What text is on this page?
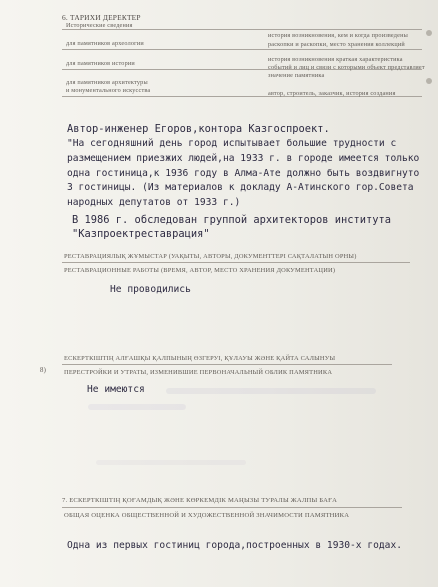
6. ТАРИХИ ДЕРЕКТЕР
Исторические сведения
для памятников археологии
для памятников истории
для памятников архитектуры
и монументального искусства
история возникновения, кем и когда произведены
раскопки и раскопки, место хранения коллекций
история возникновения краткая характеристика
событий и лиц и связи с которыми объект представляет
значение памятника
автор, строитель, заказчик, история создания
Автор-инженер Егоров,контора Казгоспроект.
"На сегодняшний день город испытывает большие трудности с
размещением приезжих людей,на 1933 г. в городе имеется только
одна гостиница,к 1936 году в Алма-Ате должно быть воздвигнуто
3 гостиницы. (Из материалов к докладу А-Атинского гор.Совета
народных депутатов от 1933 г.)
В 1986 г. обследован группой архитекторов института
"Казпроектреставрация"
РЕСТАВРАЦИЯЛЫҚ ЖҰМЫСТАР (УАҚЫТЫ, АВТОРЫ, ДОКУМЕНТТЕРІ САҚТАЛАТЫН ОРНЫ)
РЕСТАВРАЦИОННЫЕ РАБОТЫ (ВРЕМЯ, АВТОР, МЕСТО ХРАНЕНИЯ ДОКУМЕНТАЦИИ)
Не проводились
8)
ЕСКЕРТКІШТІҢ АЛҒАШҚЫ ҚАЛПЫНЫҢ ӨЗГЕРУІ, ҚҰЛАУЫ ЖӘНЕ ҚАЙТА САЛЫНУЫ
ПЕРЕСТРОЙКИ И УТРАТЫ, ИЗМЕНИВШИЕ ПЕРВОНАЧАЛЬНЫЙ ОБЛИК ПАМЯТНИКА
Не имеются
7. ЕСКЕРТКІШТІҢ ҚОҒАМДЫҚ ЖӘНЕ КӨРКЕМДІК МАҢЫЗЫ ТУРАЛЫ ЖАЛПЫ БАҒА
ОБЩАЯ ОЦЕНКА ОБЩЕСТВЕННОЙ И ХУДОЖЕСТВЕННОЙ ЗНАЧИМОСТИ ПАМЯТНИКА
Одна из первых гостиниц города,построенных в 1930-х годах.
